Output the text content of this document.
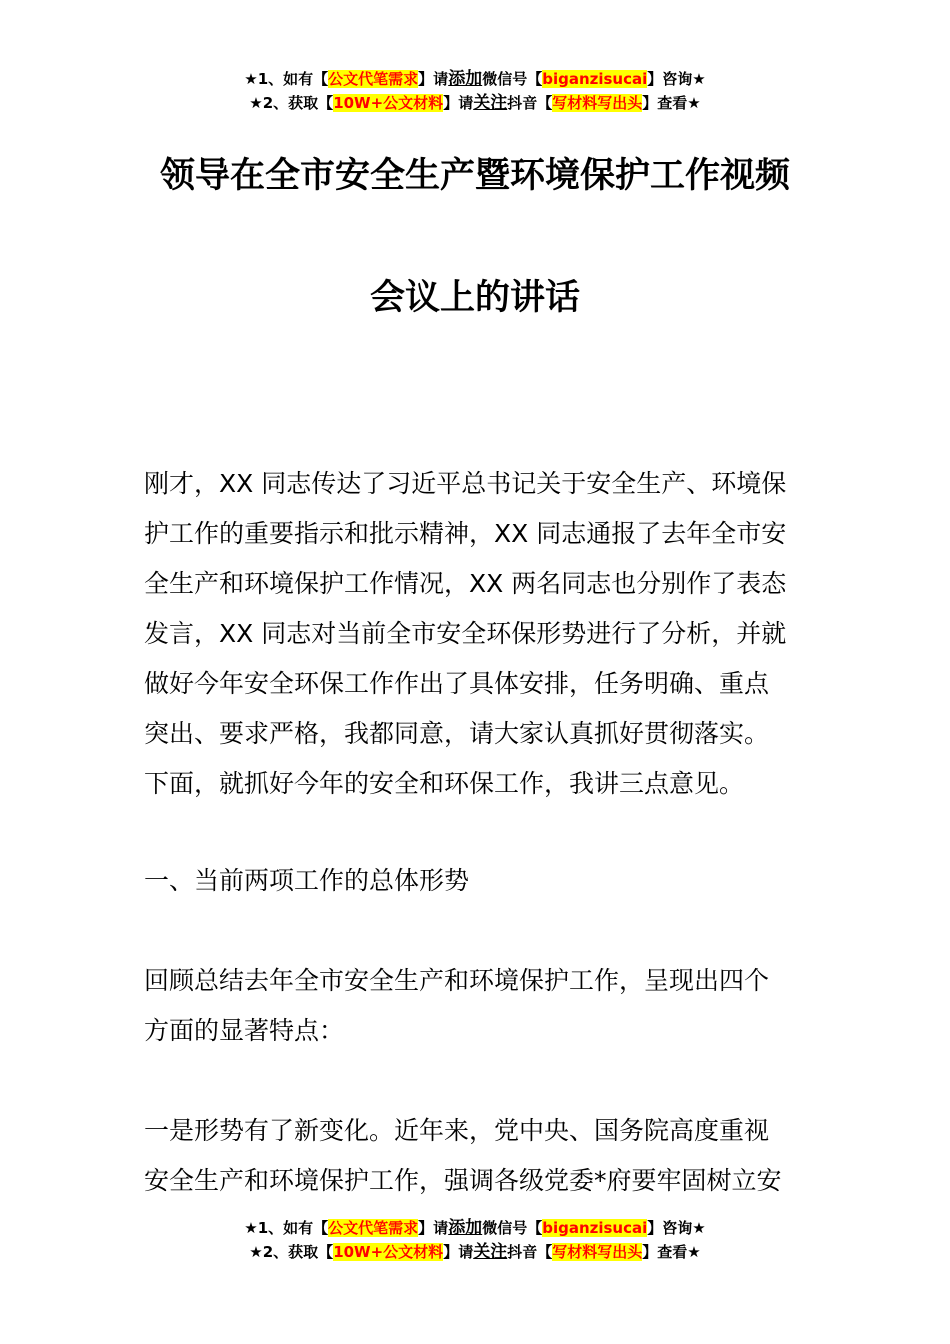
★1、如有【公文代笔需求】请添加微信号【biganzisucai】咨询★
★2、获取【10W+公文材料】请关注抖音【写材料写出头】查看★
领导在全市安全生产暨环境保护工作视频
会议上的讲话

刚才，XX 同志传达了习近平总书记关于安全生产、环境保
护工作的重要指示和批示精神，XX 同志通报了去年全市安
全生产和环境保护工作情况，XX 两名同志也分别作了表态
发言，XX 同志对当前全市安全环保形势进行了分析，并就
做好今年安全环保工作作出了具体安排，任务明确、重点
突出、要求严格，我都同意，请大家认真抓好贯彻落实。
下面，就抓好今年的安全和环保工作，我讲三点意见。

一、当前两项工作的总体形势

回顾总结去年全市安全生产和环境保护工作，呈现出四个
方面的显著特点：

一是形势有了新变化。近年来，党中央、国务院高度重视
安全生产和环境保护工作，强调各级党委*府要牢固树立安

★1、如有【公文代笔需求】请添加微信号【biganzisucai】咨询★
★2、获取【10W+公文材料】请关注抖音【写材料写出头】查看★
